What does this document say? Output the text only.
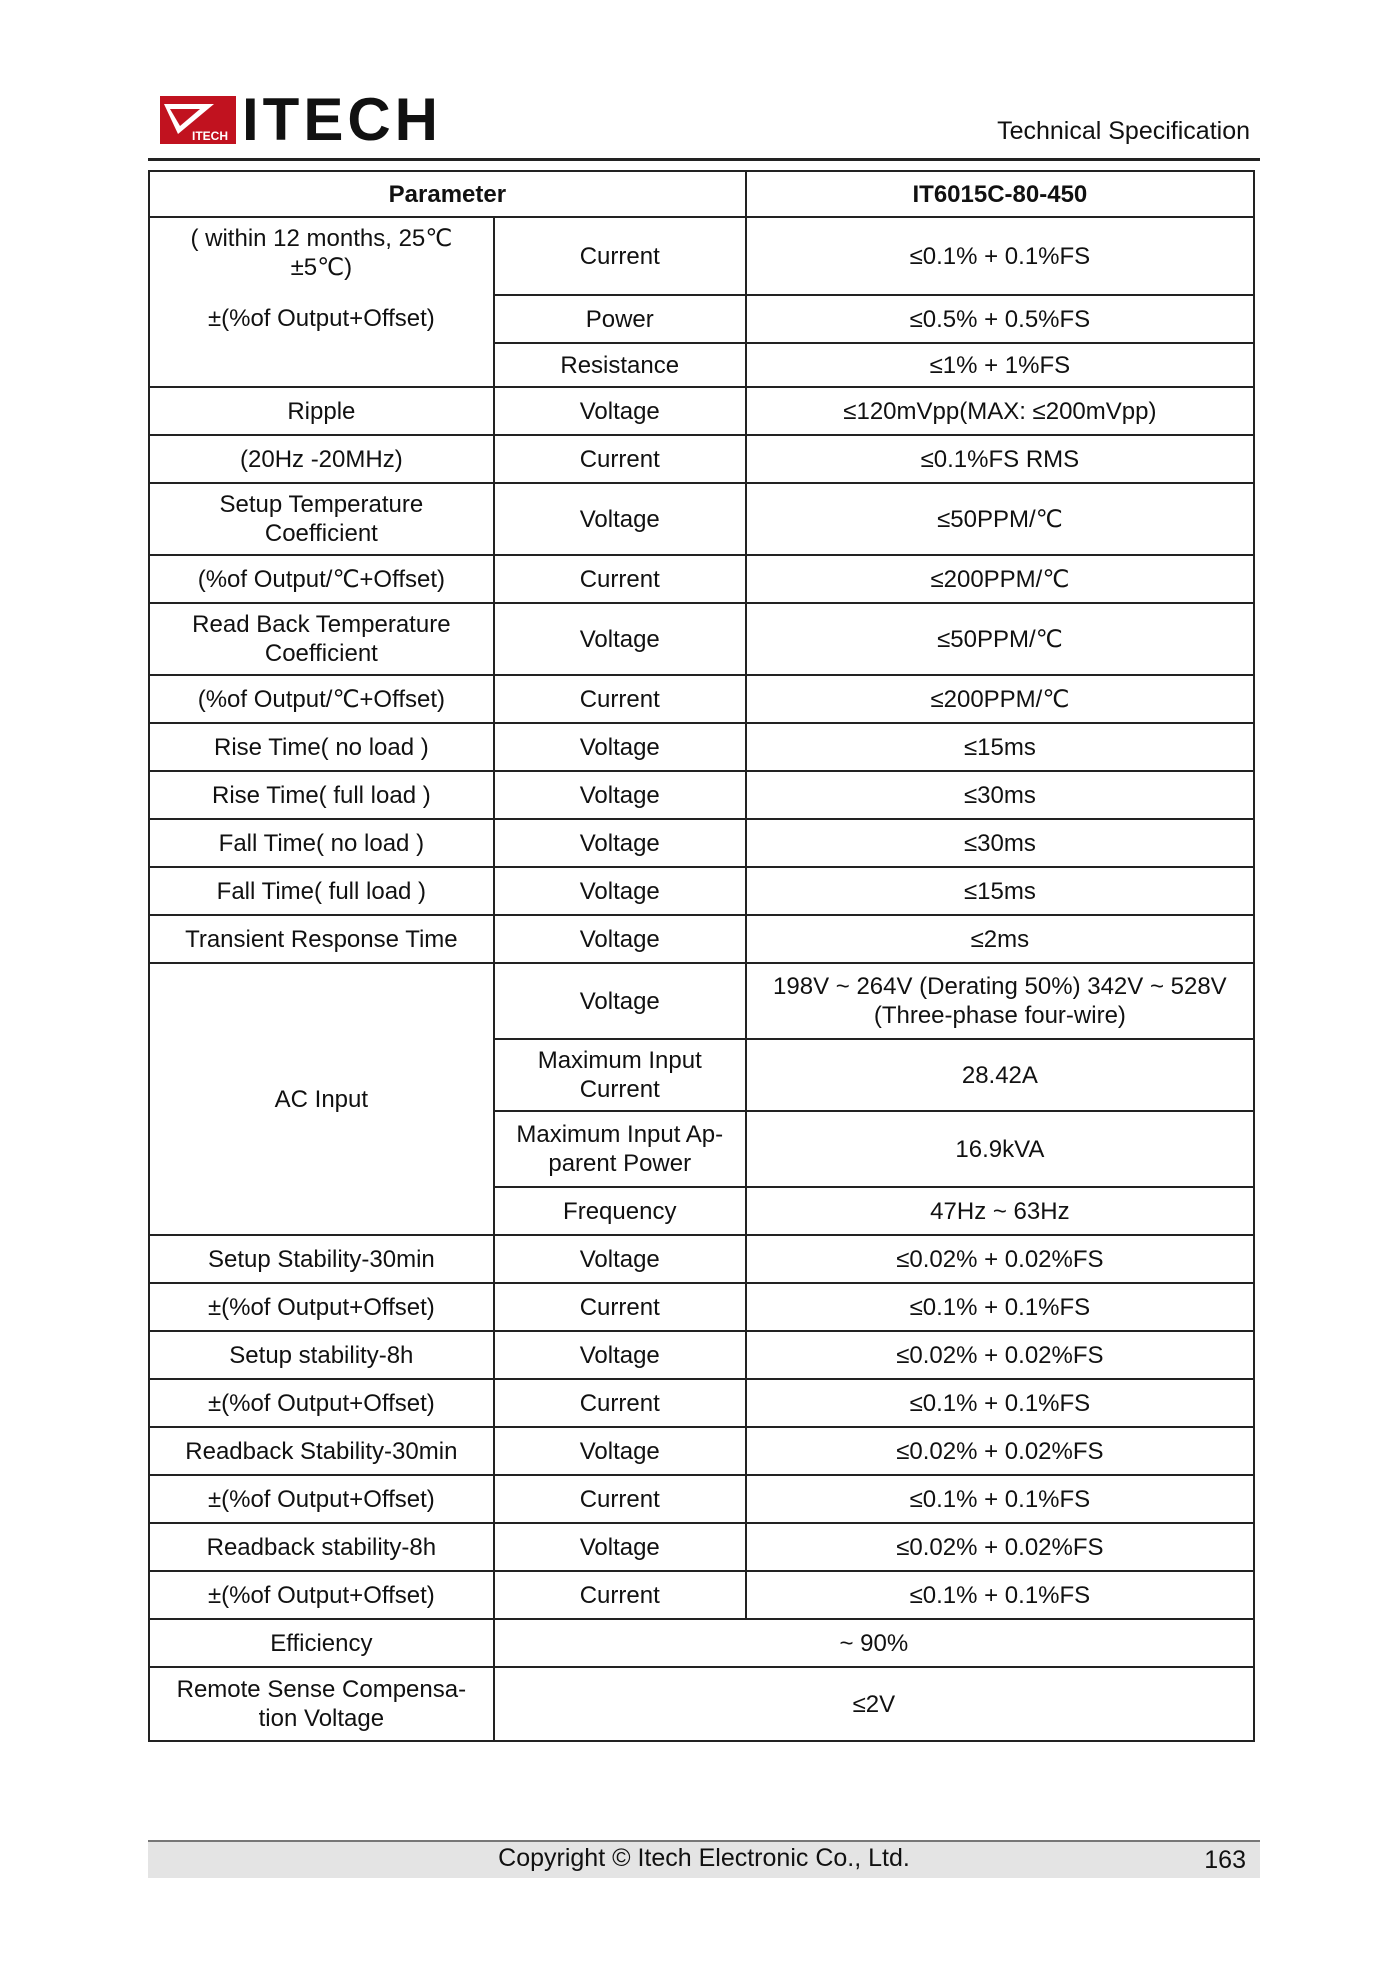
ITECH ITECH	Technical Specification
Parameter		IT6015C-80-450

( within 12 months, 25℃ ±5℃)
±(%of Output+Offset)	Current	≤0.1% + 0.1%FS
	Power	≤0.5% + 0.5%FS
	Resistance	≤1% + 1%FS
Ripple	Voltage	≤120mVpp(MAX: ≤200mVpp)
(20Hz -20MHz)	Current	≤0.1%FS RMS
Setup Temperature Coefficient	Voltage	≤50PPM/℃
(%of Output/℃+Offset)	Current	≤200PPM/℃
Read Back Temperature Coefficient	Voltage	≤50PPM/℃
(%of Output/℃+Offset)	Current	≤200PPM/℃
Rise Time( no load )	Voltage	≤15ms
Rise Time( full load )	Voltage	≤30ms
Fall Time( no load )	Voltage	≤30ms
Fall Time( full load )	Voltage	≤15ms
Transient Response Time	Voltage	≤2ms
AC Input	Voltage	198V ~ 264V (Derating 50%) 342V ~ 528V (Three-phase four-wire)
	Maximum Input Current	28.42A
	Maximum Input Ap-parent Power	16.9kVA
	Frequency	47Hz ~ 63Hz
Setup Stability-30min	Voltage	≤0.02% + 0.02%FS
±(%of Output+Offset)	Current	≤0.1% + 0.1%FS
Setup stability-8h	Voltage	≤0.02% + 0.02%FS
±(%of Output+Offset)	Current	≤0.1% + 0.1%FS
Readback Stability-30min	Voltage	≤0.02% + 0.02%FS
±(%of Output+Offset)	Current	≤0.1% + 0.1%FS
Readback stability-8h	Voltage	≤0.02% + 0.02%FS
±(%of Output+Offset)	Current	≤0.1% + 0.1%FS
Efficiency	~ 90%	
Remote Sense Compensa-tion Voltage	≤2V	
Copyright © Itech Electronic Co., Ltd.	163
